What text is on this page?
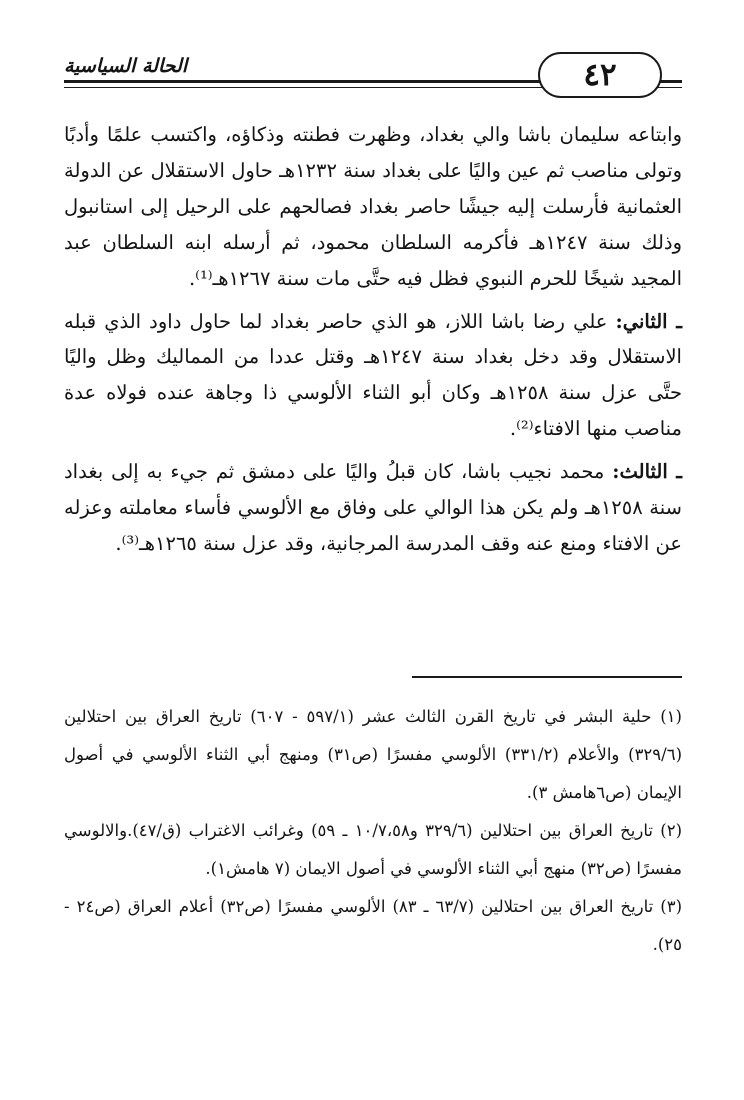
٤٢
الحالة السياسية

وابتاعه سليمان باشا والي بغداد، وظهرت فطنته وذكاؤه، واكتسب علمًا وأدبًا وتولى مناصب ثم عين واليًا على بغداد سنة ١٢٣٢هـ حاول الاستقلال عن الدولة العثمانية فأرسلت إليه جيشًا حاصر بغداد فصالحهم على الرحيل إلى استانبول وذلك سنة ١٢٤٧هـ فأكرمه السلطان محمود، ثم أرسله ابنه السلطان عبد المجيد شيخًا للحرم النبوي فظل فيه حتَّى مات سنة ١٢٦٧هـ⁽¹⁾.

ـ الثاني: علي رضا باشا اللاز، هو الذي حاصر بغداد لما حاول داود الذي قبله الاستقلال وقد دخل بغداد سنة ١٢٤٧هـ وقتل عددا من المماليك وظل واليًا حتَّى عزل سنة ١٢٥٨هـ وكان أبو الثناء الألوسي ذا وجاهة عنده فولاه عدة مناصب منها الافتاء⁽²⁾.

ـ الثالث: محمد نجيب باشا، كان قبلُ واليًا على دمشق ثم جيء به إلى بغداد سنة ١٢٥٨هـ ولم يكن هذا الوالي على وفاق مع الألوسي فأساء معاملته وعزله عن الافتاء ومنع عنه وقف المدرسة المرجانية، وقد عزل سنة ١٢٦٥هـ⁽³⁾.

(١) حلية البشر في تاريخ القرن الثالث عشر (٥٩٧/١ - ٦٠٧) تاريخ العراق بين احتلالين (٣٢٩/٦) والأعلام (٣٣١/٢) الألوسي مفسرًا (ص٣١) ومنهج أبي الثناء الألوسي في أصول الإيمان (ص٦هامش ٣).

(٢) تاريخ العراق بين احتلالين (٣٢٩/٦ و١٠/٧،٥٨ ـ ٥٩) وغرائب الاغتراب (ق/٤٧).والالوسي مفسرًا (ص٣٢) منهج أبي الثناء الألوسي في أصول الايمان (٧ هامش١).

(٣) تاريخ العراق بين احتلالين (٦٣/٧ ـ ٨٣) الألوسي مفسرًا (ص٣٢) أعلام العراق (ص٢٤ - ٢٥).
